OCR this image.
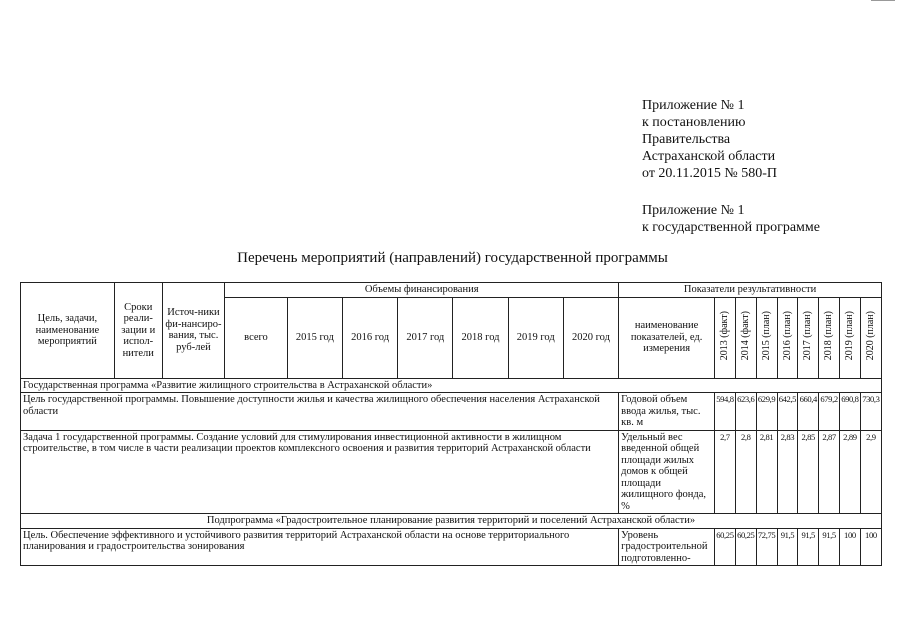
Приложение № 1
к постановлению
Правительства
Астраханской области
от 20.11.2015 № 580-П
Приложение № 1
к государственной программе
Перечень мероприятий (направлений) государственной программы
Цель, задачи, наименование мероприятий	Сроки реали-зации и испол-нители	Источ-ники фи-нансиро-вания, тыс. руб-лей	Объемы финансирования							Показатели результативности								
			всего	2015 год	2016 год	2017 год	2018 год	2019 год	2020 год	наименование показателей, ед. измерения	2013 (факт)	2014 (факт)	2015 (план)	2016 (план)	2017 (план)	2018 (план)	2019 (план)	2020 (план)
Государственная программа «Развитие жилищного строительства в Астраханской области»																		
Цель государственной программы. Повышение доступности жилья и качества жилищного обеспечения населения Астраханской области										Годовой объем ввода жилья, тыс. кв. м	594,8	623,6	629,9	642,5	660,4	679,2	690,8	730,3
Задача 1 государственной программы. Создание условий для стимулирования инвестиционной активности в жилищном строительстве, в том числе в части реализации проектов комплексного освоения и развития территорий Астраханской области										Удельный вес введенной общей площади жилых домов к общей площади жилищного фонда, %	2,7	2,8	2,81	2,83	2,85	2,87	2,89	2,9
Подпрограмма «Градостроительное планирование развития территорий и поселений Астраханской области»																		
Цель. Обеспечение эффективного и устойчивого развития территорий Астраханской области на основе территориального планирования и градостроительства зонирования										Уровень градостроительной подготовленно-	60,25	60,25	72,75	91,5	91,5	91,5	100	100
